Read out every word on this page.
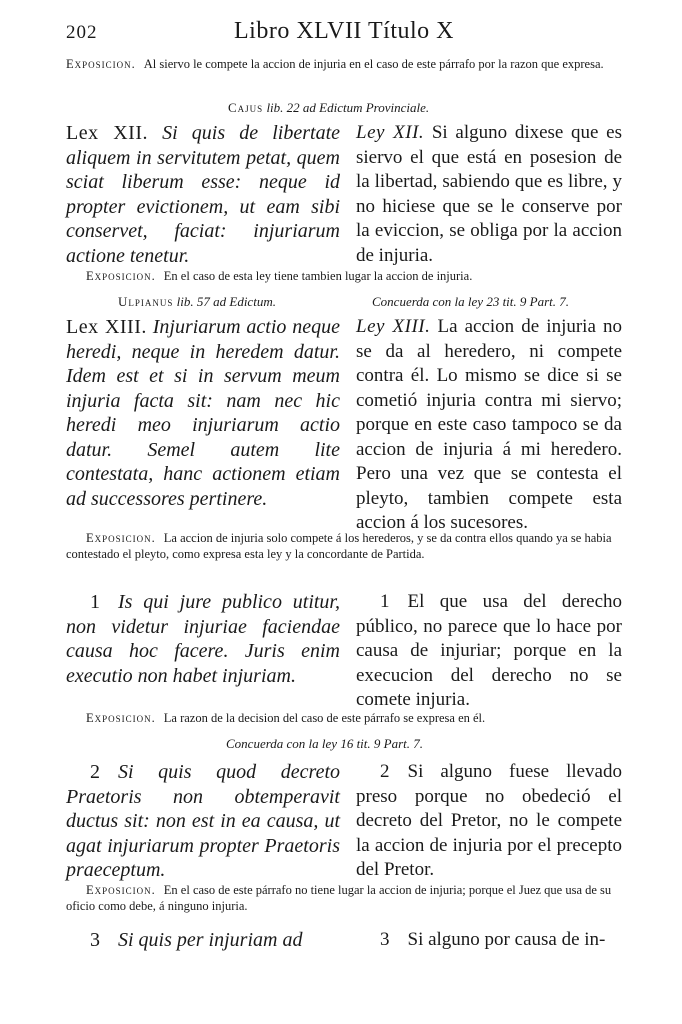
202	Libro XLVII Título X
Exposicion. Al siervo le compete la accion de injuria en el caso de este párrafo por la razon que expresa.
Cajus lib. 22 ad Edictum Provinciale.
Lex XII. Si quis de libertate aliquem in servitutem petat, quem sciat liberum esse: neque id propter evictionem, ut eam sibi conservet, faciat: injuriarum actione tenetur.
Ley XII. Si alguno dixese que es siervo el que está en posesion de la libertad, sabiendo que es libre, y no hiciese que se le conserve por la eviccion, se obliga por la accion de injuria.
Exposicion. En el caso de esta ley tiene tambien lugar la accion de injuria.
Ulpianus lib. 57 ad Edictum.	Concuerda con la ley 23 tit. 9 Part. 7.
Lex XIII. Injuriarum actio neque heredi, neque in heredem datur. Idem est et si in servum meum injuria facta sit: nam nec hic heredi meo injuriarum actio datur. Semel autem lite contestata, hanc actionem etiam ad successores pertinere.
Ley XIII. La accion de injuria no se da al heredero, ni compete contra él. Lo mismo se dice si se cometió injuria contra mi siervo; porque en este caso tampoco se da accion de injuria á mi heredero. Pero una vez que se contesta el pleyto, tambien compete esta accion á los sucesores.
Exposicion. La accion de injuria solo compete á los herederos, y se da contra ellos quando ya se habia contestado el pleyto, como expresa esta ley y la concordante de Partida.
1 Is qui jure publico utitur, non videtur injuriae faciendae causa hoc facere. Juris enim executio non habet injuriam.
1 El que usa del derecho público, no parece que lo hace por causa de injuriar; porque en la execucion del derecho no se comete injuria.
Exposicion. La razon de la decision del caso de este párrafo se expresa en él.
Concuerda con la ley 16 tit. 9 Part. 7.
2 Si quis quod decreto Praetoris non obtemperavit ductus sit: non est in ea causa, ut agat injuriarum propter Praetoris praeceptum.
2 Si alguno fuese llevado preso porque no obedeció el decreto del Pretor, no le compete la accion de injuria por el precepto del Pretor.
Exposicion. En el caso de este párrafo no tiene lugar la accion de injuria; porque el Juez que usa de su oficio como debe, á ninguno injuria.
3 Si quis per injuriam ad	3 Si alguno por causa de in-
